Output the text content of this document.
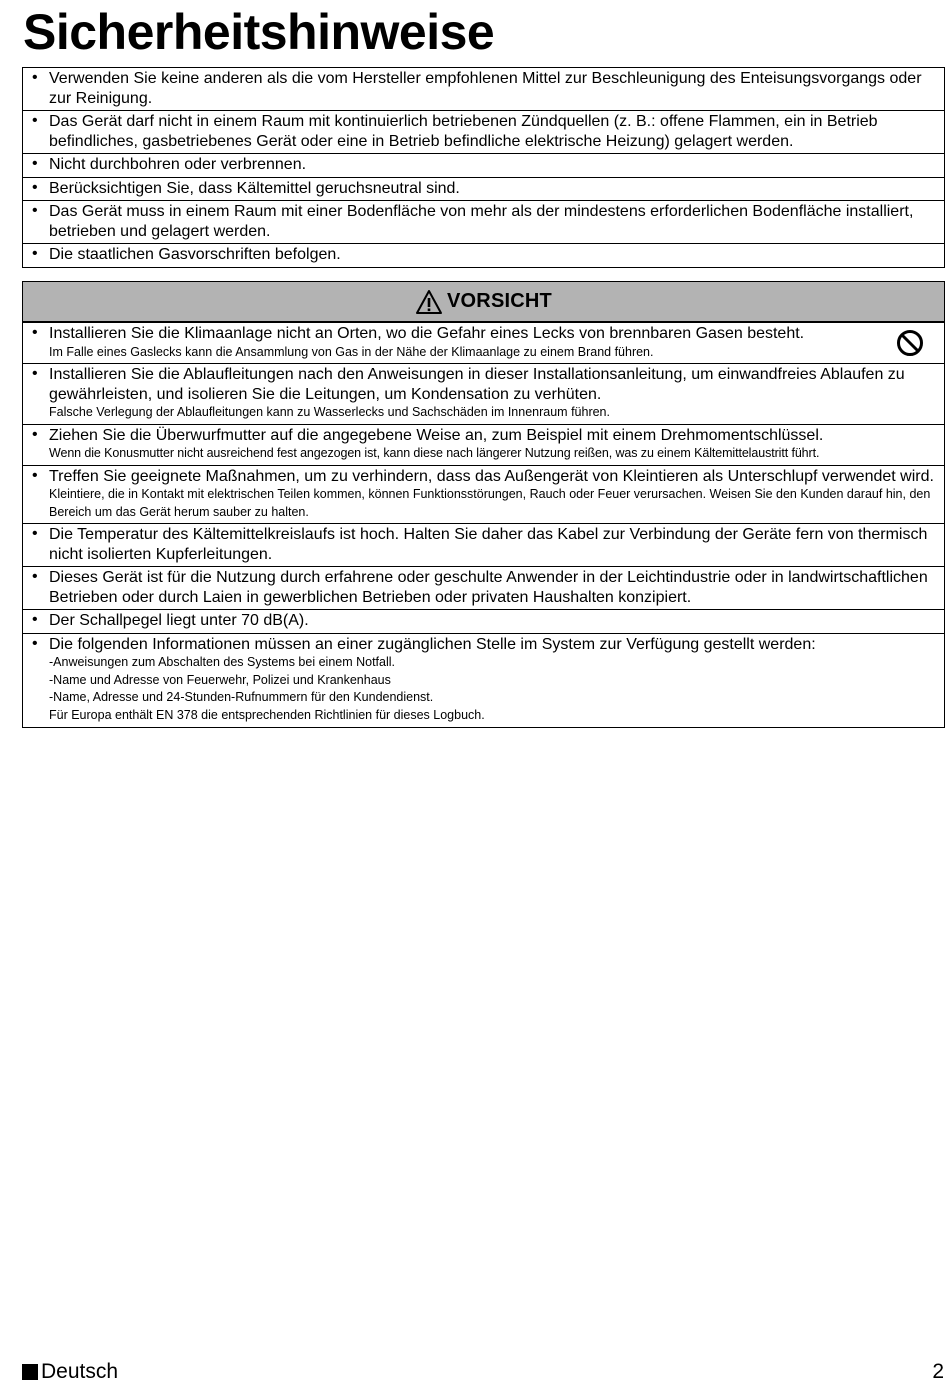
Sicherheitshinweise
• Verwenden Sie keine anderen als die vom Hersteller empfohlenen Mittel zur Beschleunigung des Enteisungsvorgangs oder zur Reinigung.
• Das Gerät darf nicht in einem Raum mit kontinuierlich betriebenen Zündquellen (z. B.: offene Flammen, ein in Betrieb befindliches, gasbetriebenes Gerät oder eine in Betrieb befindliche elektrische Heizung) gelagert werden.
• Nicht durchbohren oder verbrennen.
• Berücksichtigen Sie, dass Kältemittel geruchsneutral sind.
• Das Gerät muss in einem Raum mit einer Bodenfläche von mehr als der mindestens erforderlichen Bodenfläche installiert, betrieben und gelagert werden.
• Die staatlichen Gasvorschriften befolgen.
VORSICHT
• Installieren Sie die Klimaanlage nicht an Orten, wo die Gefahr eines Lecks von brennbaren Gasen besteht.
Im Falle eines Gaslecks kann die Ansammlung von Gas in der Nähe der Klimaanlage zu einem Brand führen.
• Installieren Sie die Ablaufleitungen nach den Anweisungen in dieser Installationsanleitung, um einwandfreies Ablaufen zu gewährleisten, und isolieren Sie die Leitungen, um Kondensation zu verhüten.
Falsche Verlegung der Ablaufleitungen kann zu Wasserlecks und Sachschäden im Innenraum führen.
• Ziehen Sie die Überwurfmutter auf die angegebene Weise an, zum Beispiel mit einem Drehmomentschlüssel.
Wenn die Konusmutter nicht ausreichend fest angezogen ist, kann diese nach längerer Nutzung reißen, was zu einem Kältemittelaustritt führt.
• Treffen Sie geeignete Maßnahmen, um zu verhindern, dass das Außengerät von Kleintieren als Unterschlupf verwendet wird.
Kleintiere, die in Kontakt mit elektrischen Teilen kommen, können Funktionsstörungen, Rauch oder Feuer verursachen. Weisen Sie den Kunden darauf hin, den Bereich um das Gerät herum sauber zu halten.
• Die Temperatur des Kältemittelkreislaufs ist hoch. Halten Sie daher das Kabel zur Verbindung der Geräte fern von thermisch nicht isolierten Kupferleitungen.
• Dieses Gerät ist für die Nutzung durch erfahrene oder geschulte Anwender in der Leichtindustrie oder in landwirtschaftlichen Betrieben oder durch Laien in gewerblichen Betrieben oder privaten Haushalten konzipiert.
• Der Schallpegel liegt unter 70 dB(A).
• Die folgenden Informationen müssen an einer zugänglichen Stelle im System zur Verfügung gestellt werden:
-Anweisungen zum Abschalten des Systems bei einem Notfall.
-Name und Adresse von Feuerwehr, Polizei und Krankenhaus
-Name, Adresse und 24-Stunden-Rufnummern für den Kundendienst.
Für Europa enthält EN 378 die entsprechenden Richtlinien für dieses Logbuch.
Deutsch	2
